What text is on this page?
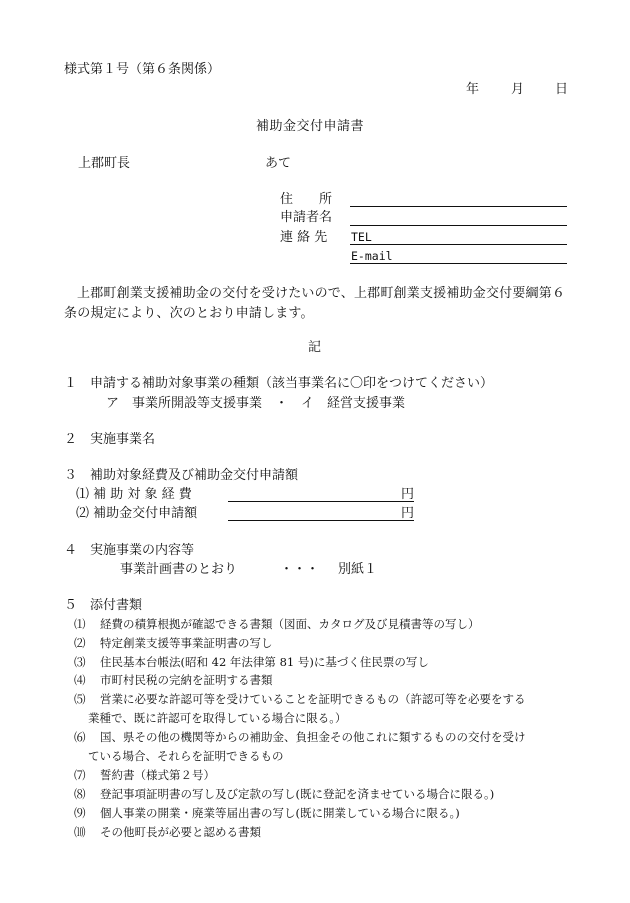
様式第１号（第６条関係）
年 月 日
補助金交付申請書
上郡町長	あて
住　　所
申請者名
連 絡 先 TEL
E-mail
上郡町創業支援補助金の交付を受けたいので、上郡町創業支援補助金交付要綱第６条の規定により、次のとおり申請します。
記
１　申請する補助対象事業の種類（該当事業名に〇印をつけてください）
ア　事業所開設等支援事業　・　イ　経営支援事業
２　実施事業名
３　補助対象経費及び補助金交付申請額
⑴ 補 助 対 象 経 費	円
⑵ 補助金交付申請額	円
４　実施事業の内容等
事業計画書のとおり	・・・ 別紙１
５　添付書類
⑴ 経費の積算根拠が確認できる書類（図面、カタログ及び見積書等の写し）
⑵ 特定創業支援等事業証明書の写し
⑶ 住民基本台帳法(昭和 42 年法律第 81 号)に基づく住民票の写し
⑷ 市町村民税の完納を証明する書類
⑸ 営業に必要な許認可等を受けていることを証明できるもの（許認可等を必要をする
業種で、既に許認可を取得している場合に限る。）
⑹ 国、県その他の機関等からの補助金、負担金その他これに類するものの交付を受け
ている場合、それらを証明できるもの
⑺ 誓約書（様式第２号）
⑻ 登記事項証明書の写し及び定款の写し(既に登記を済ませている場合に限る。)
⑼ 個人事業の開業・廃業等届出書の写し(既に開業している場合に限る。)
⑽ その他町長が必要と認める書類
